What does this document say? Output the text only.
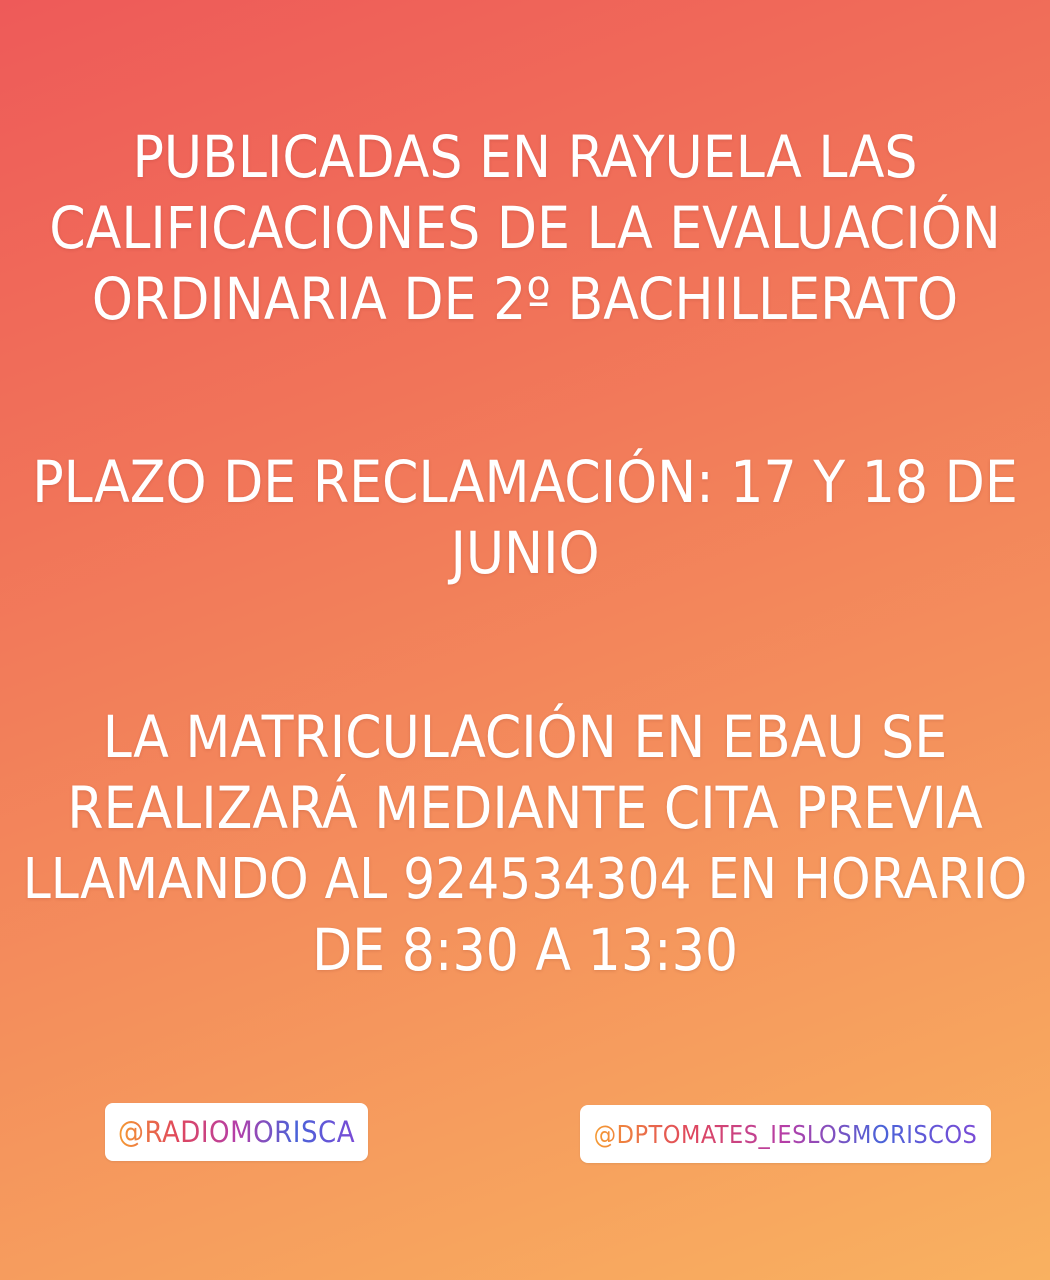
PUBLICADAS EN RAYUELA LAS
CALIFICACIONES DE LA EVALUACIÓN
ORDINARIA DE 2º BACHILLERATO
PLAZO DE RECLAMACIÓN: 17 Y 18 DE
JUNIO
LA MATRICULACIÓN EN EBAU SE
REALIZARÁ MEDIANTE CITA PREVIA
LLAMANDO AL 924534304 EN HORARIO
DE 8:30 A 13:30
@RADIOMORISCA	@DPTOMATES_IESLOSMORISCOS
